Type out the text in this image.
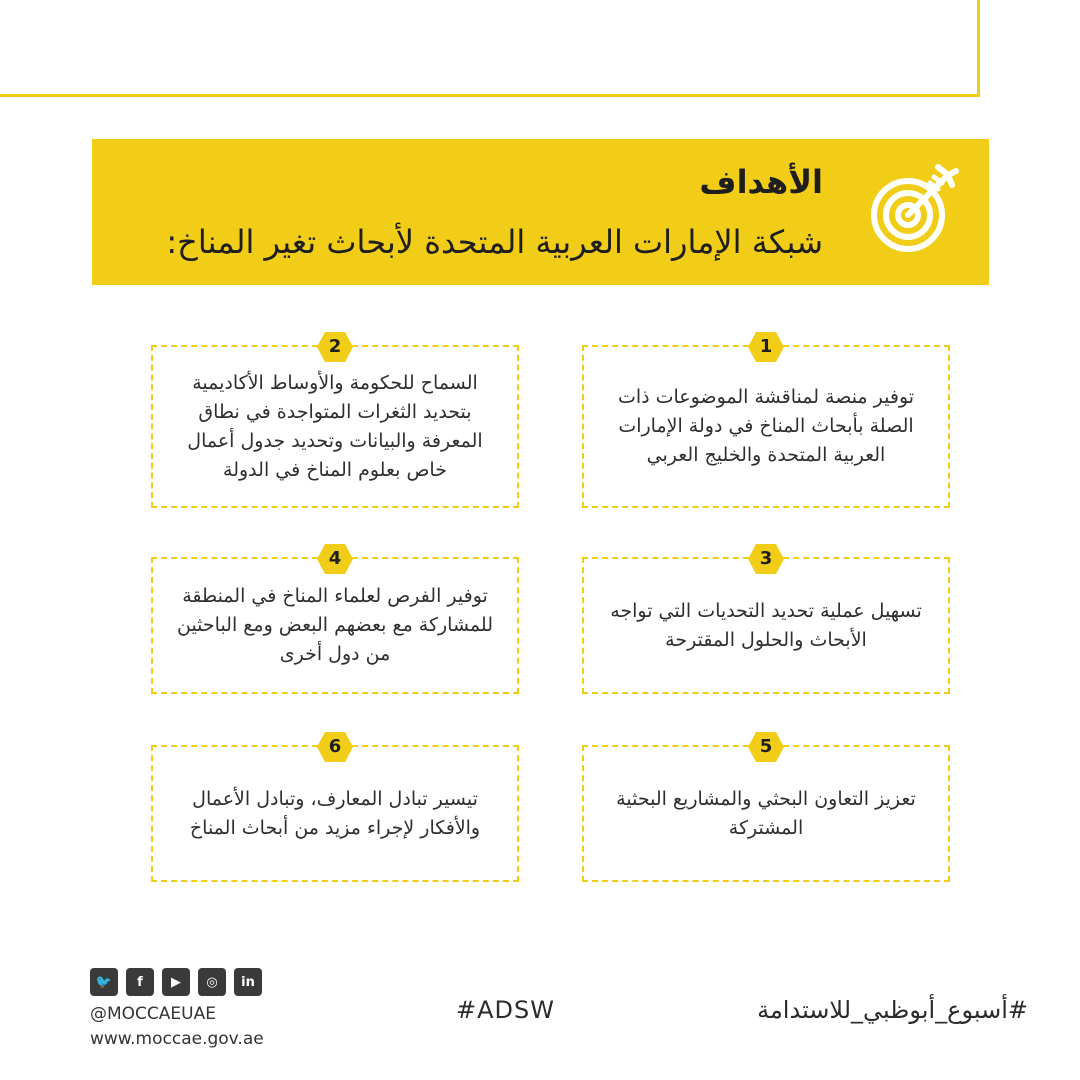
الأهداف
شبكة الإمارات العربية المتحدة لأبحاث تغير المناخ:
1
توفير منصة لمناقشة الموضوعات ذات الصلة بأبحاث المناخ في دولة الإمارات العربية المتحدة والخليج العربي
2
السماح للحكومة والأوساط الأكاديمية بتحديد الثغرات المتواجدة في نطاق المعرفة والبيانات وتحديد جدول أعمال خاص بعلوم المناخ في الدولة
3
تسهيل عملية تحديد التحديات التي تواجه الأبحاث والحلول المقترحة
4
توفير الفرص لعلماء المناخ في المنطقة للمشاركة مع بعضهم البعض ومع الباحثين من دول أخرى
5
تعزيز التعاون البحثي والمشاريع البحثية المشتركة
6
تيسير تبادل المعارف، وتبادل الأعمال والأفكار لإجراء مزيد من أبحاث المناخ
🐦	f	▶	◎	in
@MOCCAEUAE
www.moccae.gov.ae
#ADSW	#أسبوع_أبوظبي_للاستدامة
